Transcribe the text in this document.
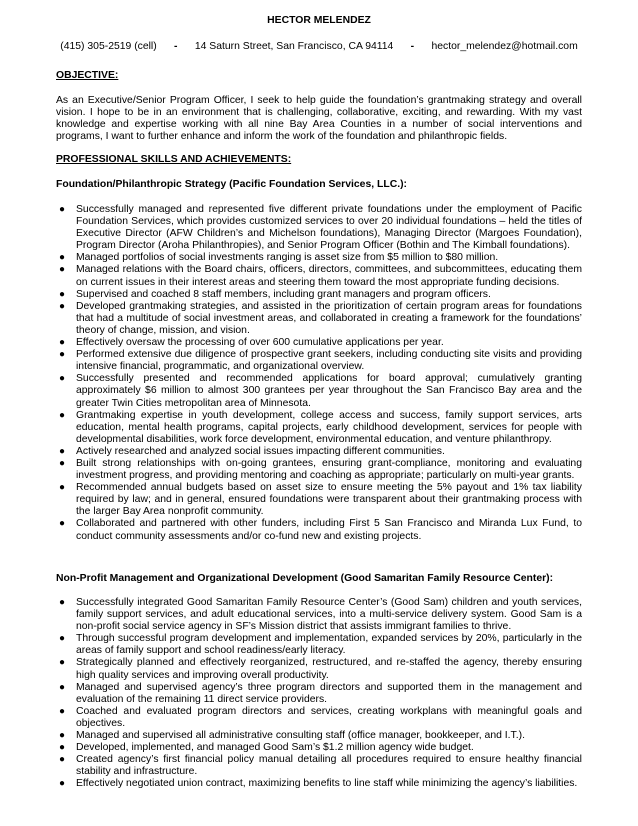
HECTOR MELENDEZ
(415) 305-2519 (cell) - 14 Saturn Street, San Francisco, CA 94114 - hector_melendez@hotmail.com
OBJECTIVE:
As an Executive/Senior Program Officer, I seek to help guide the foundation’s grantmaking strategy and overall vision. I hope to be in an environment that is challenging, collaborative, exciting, and rewarding. With my vast knowledge and expertise working with all nine Bay Area Counties in a number of social interventions and programs, I want to further enhance and inform the work of the foundation and philanthropic fields.
PROFESSIONAL SKILLS AND ACHIEVEMENTS:
Foundation/Philanthropic Strategy (Pacific Foundation Services, LLC.):
● Successfully managed and represented five different private foundations under the employment of Pacific Foundation Services, which provides customized services to over 20 individual foundations – held the titles of Executive Director (AFW Children’s and Michelson foundations), Managing Director (Margoes Foundation), Program Director (Aroha Philanthropies), and Senior Program Officer (Bothin and The Kimball foundations).
● Managed portfolios of social investments ranging is asset size from $5 million to $80 million.
● Managed relations with the Board chairs, officers, directors, committees, and subcommittees, educating them on current issues in their interest areas and steering them toward the most appropriate funding decisions.
● Supervised and coached 8 staff members, including grant managers and program officers.
● Developed grantmaking strategies, and assisted in the prioritization of certain program areas for foundations that had a multitude of social investment areas, and collaborated in creating a framework for the foundations’ theory of change, mission, and vision.
● Effectively oversaw the processing of over 600 cumulative applications per year.
● Performed extensive due diligence of prospective grant seekers, including conducting site visits and providing intensive financial, programmatic, and organizational overview.
● Successfully presented and recommended applications for board approval; cumulatively granting approximately $6 million to almost 300 grantees per year throughout the San Francisco Bay area and the greater Twin Cities metropolitan area of Minnesota.
● Grantmaking expertise in youth development, college access and success, family support services, arts education, mental health programs, capital projects, early childhood development, services for people with developmental disabilities, work force development, environmental education, and venture philanthropy.
● Actively researched and analyzed social issues impacting different communities.
● Built strong relationships with on-going grantees, ensuring grant-compliance, monitoring and evaluating investment progress, and providing mentoring and coaching as appropriate; particularly on multi-year grants.
● Recommended annual budgets based on asset size to ensure meeting the 5% payout and 1% tax liability required by law; and in general, ensured foundations were transparent about their grantmaking process with the larger Bay Area nonprofit community.
● Collaborated and partnered with other funders, including First 5 San Francisco and Miranda Lux Fund, to conduct community assessments and/or co-fund new and existing projects.
Non-Profit Management and Organizational Development (Good Samaritan Family Resource Center):
● Successfully integrated Good Samaritan Family Resource Center’s (Good Sam) children and youth services, family support services, and adult educational services, into a multi-service delivery system. Good Sam is a non-profit social service agency in SF’s Mission district that assists immigrant families to thrive.
● Through successful program development and implementation, expanded services by 20%, particularly in the areas of family support and school readiness/early literacy.
● Strategically planned and effectively reorganized, restructured, and re-staffed the agency, thereby ensuring high quality services and improving overall productivity.
● Managed and supervised agency’s three program directors and supported them in the management and evaluation of the remaining 11 direct service providers.
● Coached and evaluated program directors and services, creating workplans with meaningful goals and objectives.
● Managed and supervised all administrative consulting staff (office manager, bookkeeper, and I.T.).
● Developed, implemented, and managed Good Sam’s $1.2 million agency wide budget.
● Created agency’s first financial policy manual detailing all procedures required to ensure healthy financial stability and infrastructure.
● Effectively negotiated union contract, maximizing benefits to line staff while minimizing the agency’s liabilities.
